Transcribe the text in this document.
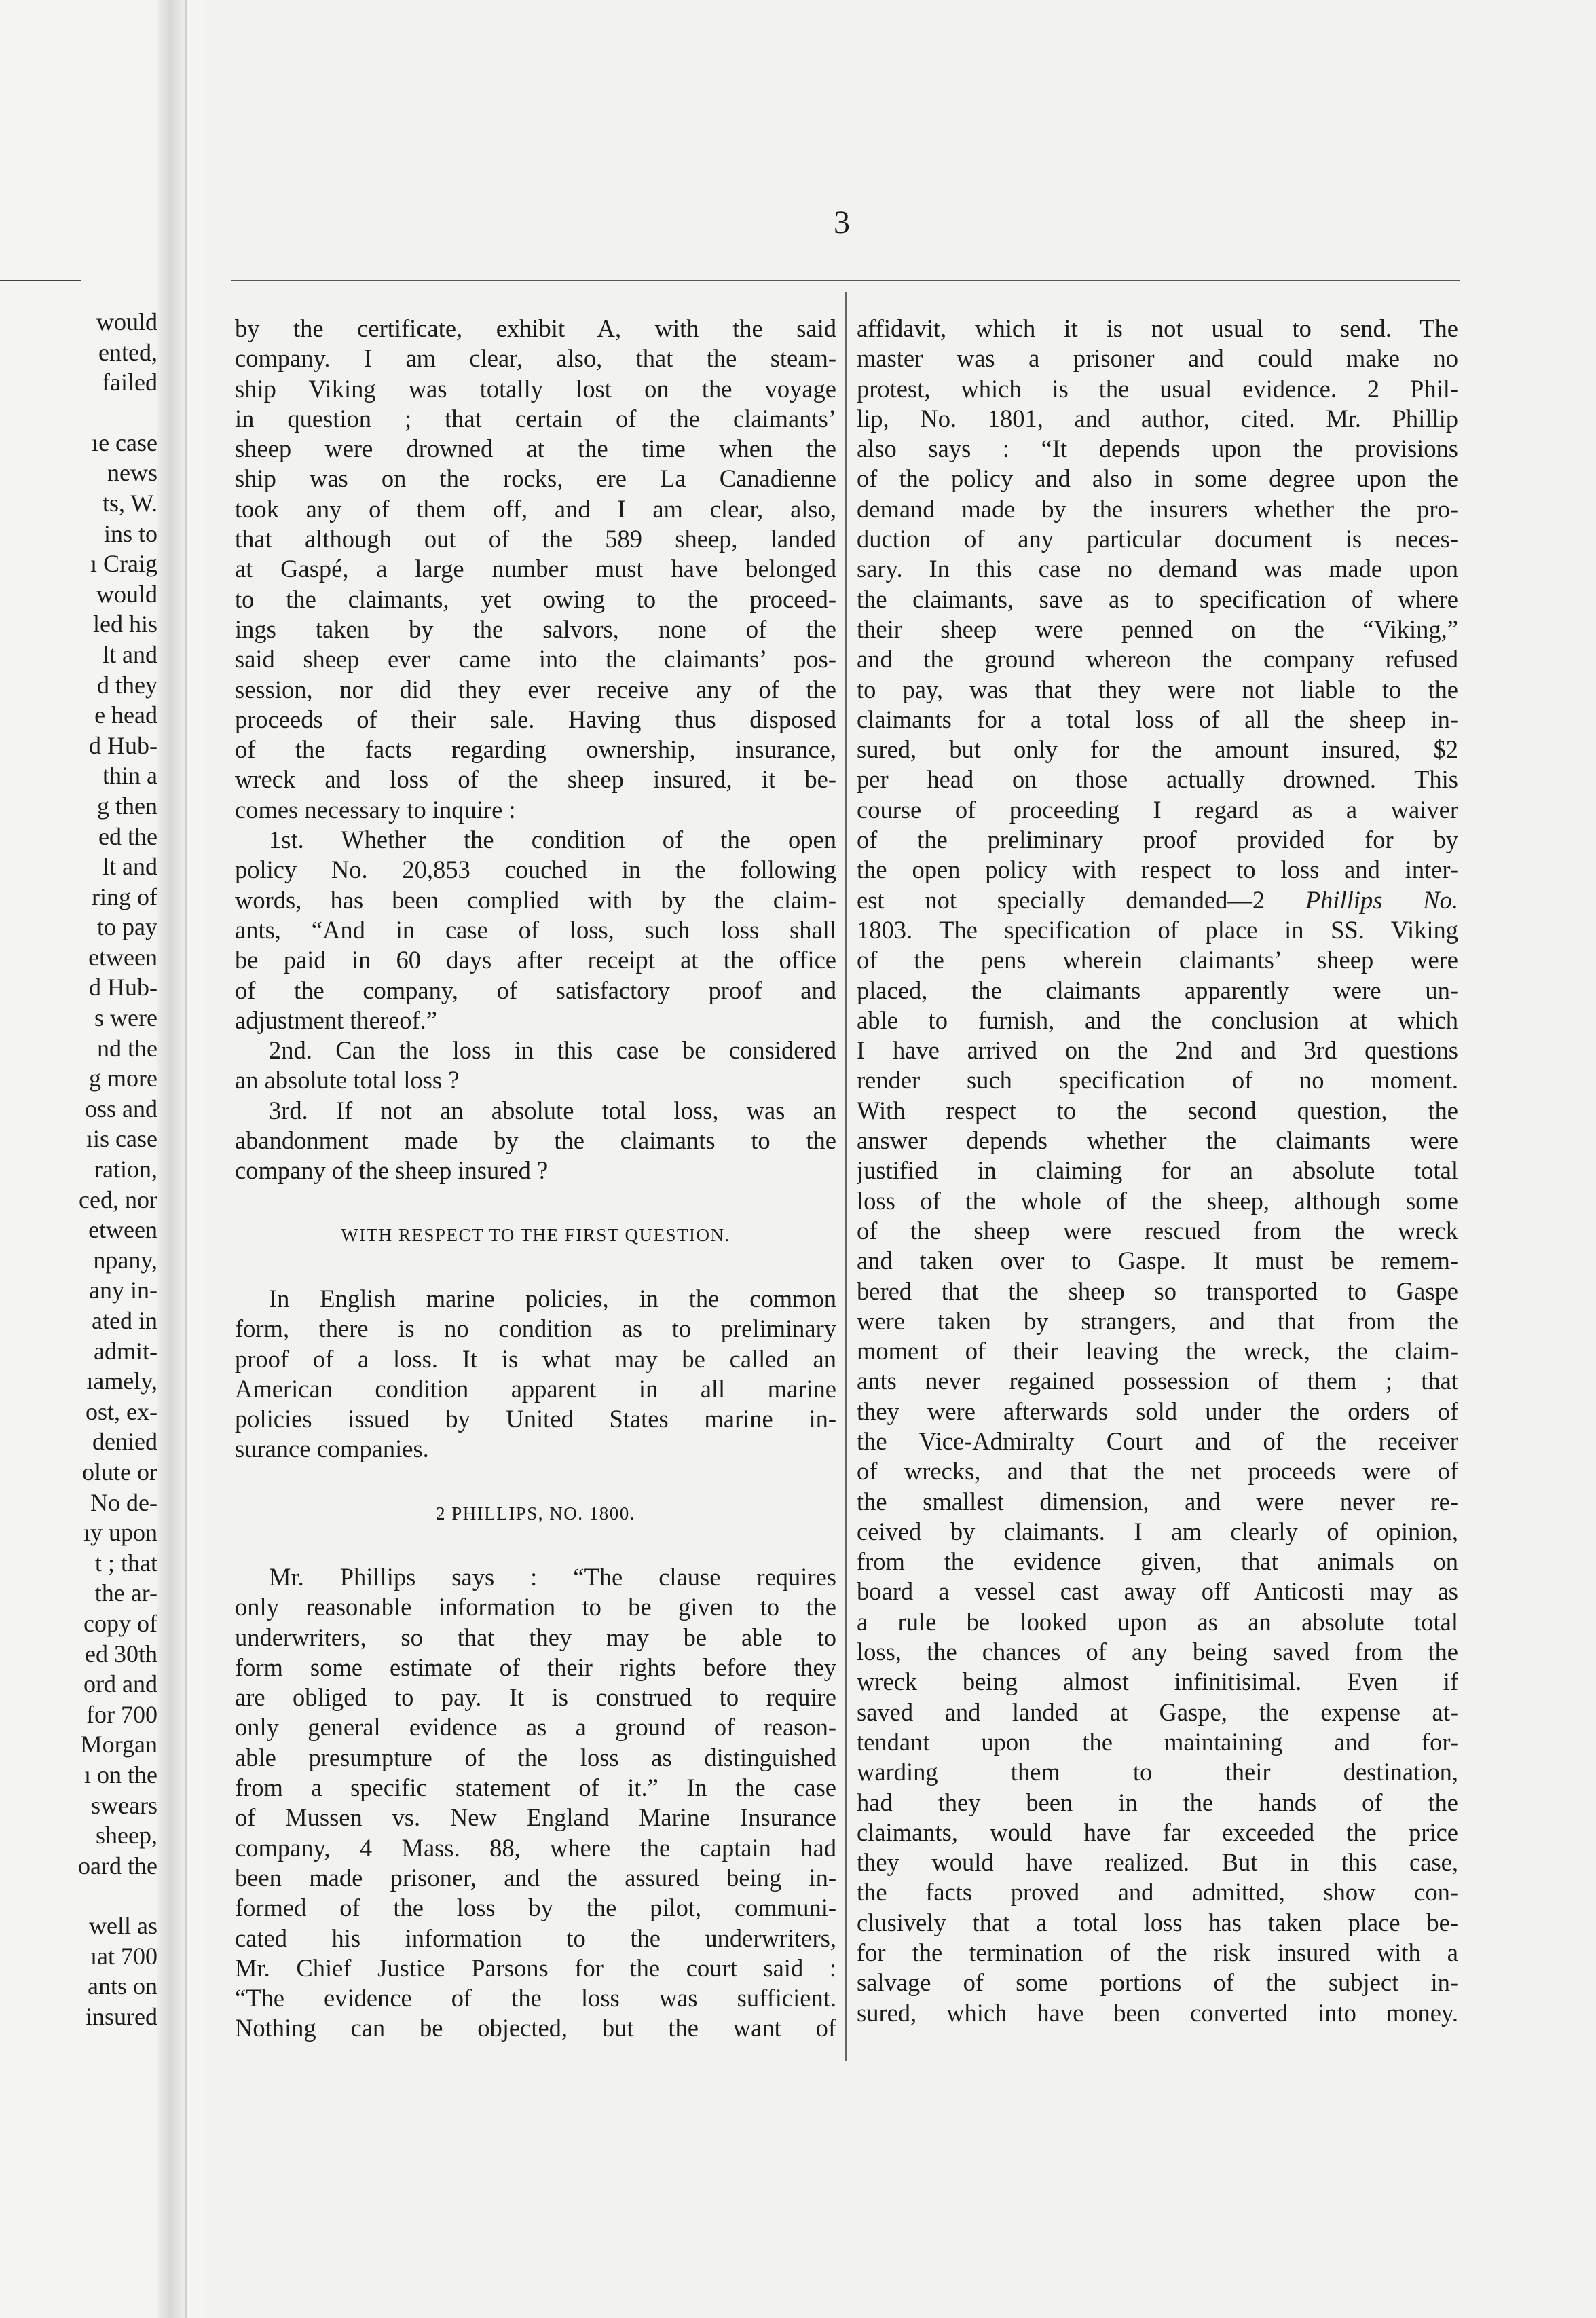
would
ented,
failed
ıe case
news
ts, W.
ins to
ı Craig
would
led his
lt and
d they
e head
d Hub-
thin a
g then
ed the
lt and
ring of
to pay
etween
d Hub-
s were
nd the
g more
oss and
ıis case
ration,
ced, nor
etween
npany,
any in-
ated in
admit-
ıamely,
ost, ex-
denied
olute or
No de-
ıy upon
t ; that
the ar-
copy of
ed 30th
ord and
for 700
Morgan
ı on the
swears
sheep,
oard the
well as
ıat 700
ants on
insured
3
by the certificate, exhibit A, with the said
company. I am clear, also, that the steam-
ship Viking was totally lost on the voyage
in question ; that certain of the claimants’
sheep were drowned at the time when the
ship was on the rocks, ere La Canadienne
took any of them off, and I am clear, also,
that although out of the 589 sheep, landed
at Gaspé, a large number must have belonged
to the claimants, yet owing to the proceed-
ings taken by the salvors, none of the
said sheep ever came into the claimants’ pos-
session, nor did they ever receive any of the
proceeds of their sale. Having thus disposed
of the facts regarding ownership, insurance,
wreck and loss of the sheep insured, it be-
comes necessary to inquire :
1st. Whether the condition of the open
policy No. 20,853 couched in the following
words, has been complied with by the claim-
ants, “And in case of loss, such loss shall
be paid in 60 days after receipt at the office
of the company, of satisfactory proof and
adjustment thereof.”
2nd. Can the loss in this case be considered
an absolute total loss ?
3rd. If not an absolute total loss, was an
abandonment made by the claimants to the
company of the sheep insured ?
WITH RESPECT TO THE FIRST QUESTION.
In English marine policies, in the common
form, there is no condition as to preliminary
proof of a loss. It is what may be called an
American condition apparent in all marine
policies issued by United States marine in-
surance companies.
2 PHILLIPS, NO. 1800.
Mr. Phillips says : “The clause requires
only reasonable information to be given to the
underwriters, so that they may be able to
form some estimate of their rights before they
are obliged to pay. It is construed to require
only general evidence as a ground of reason-
able presumpture of the loss as distinguished
from a specific statement of it.” In the case
of Mussen vs. New England Marine Insurance
company, 4 Mass. 88, where the captain had
been made prisoner, and the assured being in-
formed of the loss by the pilot, communi-
cated his information to the underwriters,
Mr. Chief Justice Parsons for the court said :
“The evidence of the loss was sufficient.
Nothing can be objected, but the want of
affidavit, which it is not usual to send. The
master was a prisoner and could make no
protest, which is the usual evidence. 2 Phil-
lip, No. 1801, and author, cited. Mr. Phillip
also says : “It depends upon the provisions
of the policy and also in some degree upon the
demand made by the insurers whether the pro-
duction of any particular document is neces-
sary. In this case no demand was made upon
the claimants, save as to specification of where
their sheep were penned on the “Viking,”
and the ground whereon the company refused
to pay, was that they were not liable to the
claimants for a total loss of all the sheep in-
sured, but only for the amount insured, $2
per head on those actually drowned. This
course of proceeding I regard as a waiver
of the preliminary proof provided for by
the open policy with respect to loss and inter-
est not specially demanded—2 Phillips No.
1803. The specification of place in SS. Viking
of the pens wherein claimants’ sheep were
placed, the claimants apparently were un-
able to furnish, and the conclusion at which
I have arrived on the 2nd and 3rd questions
render such specification of no moment.
With respect to the second question, the
answer depends whether the claimants were
justified in claiming for an absolute total
loss of the whole of the sheep, although some
of the sheep were rescued from the wreck
and taken over to Gaspe. It must be remem-
bered that the sheep so transported to Gaspe
were taken by strangers, and that from the
moment of their leaving the wreck, the claim-
ants never regained possession of them ; that
they were afterwards sold under the orders of
the Vice-Admiralty Court and of the receiver
of wrecks, and that the net proceeds were of
the smallest dimension, and were never re-
ceived by claimants. I am clearly of opinion,
from the evidence given, that animals on
board a vessel cast away off Anticosti may as
a rule be looked upon as an absolute total
loss, the chances of any being saved from the
wreck being almost infinitisimal. Even if
saved and landed at Gaspe, the expense at-
tendant upon the maintaining and for-
warding them to their destination,
had they been in the hands of the
claimants, would have far exceeded the price
they would have realized. But in this case,
the facts proved and admitted, show con-
clusively that a total loss has taken place be-
for the termination of the risk insured with a
salvage of some portions of the subject in-
sured, which have been converted into money.
